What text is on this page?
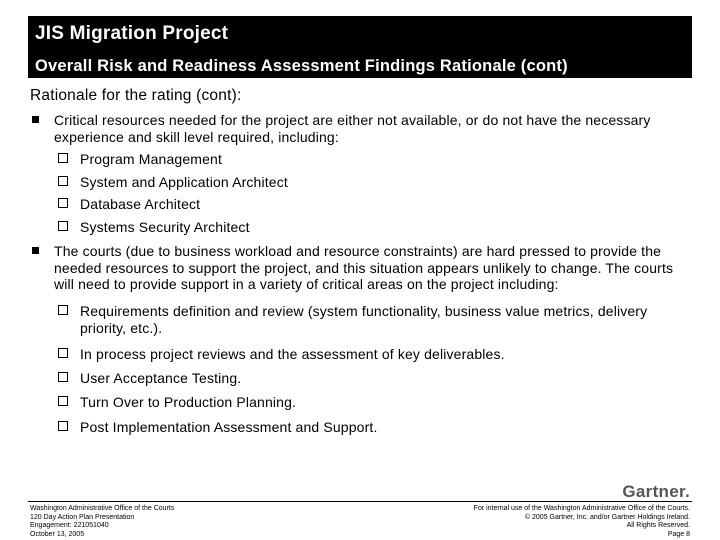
JIS Migration Project
Overall Risk and Readiness Assessment Findings Rationale (cont)
Rationale for the rating (cont):
Critical resources needed for the project are either not available, or do not have the necessary experience and skill level required, including:
Program Management
System and Application Architect
Database Architect
Systems Security Architect
The courts (due to business workload and resource constraints) are hard pressed to provide the needed resources to support the project, and this situation appears unlikely to change. The courts will need to provide support in a variety of critical areas on the project including:
Requirements definition and review (system functionality, business value metrics, delivery priority, etc.).
In process project reviews and the assessment of key deliverables.
User Acceptance Testing.
Turn Over to Production Planning.
Post Implementation Assessment and Support.
Gartner.
Washington Administrative Office of the Courts
120 Day Action Plan Presentation
Engagement: 221051040
October 13, 2005
For internal use of the Washington Administrative Office of the Courts.
© 2005 Gartner, Inc. and/or Gartner Holdings Ireland.
All Rights Reserved.
Page 8
